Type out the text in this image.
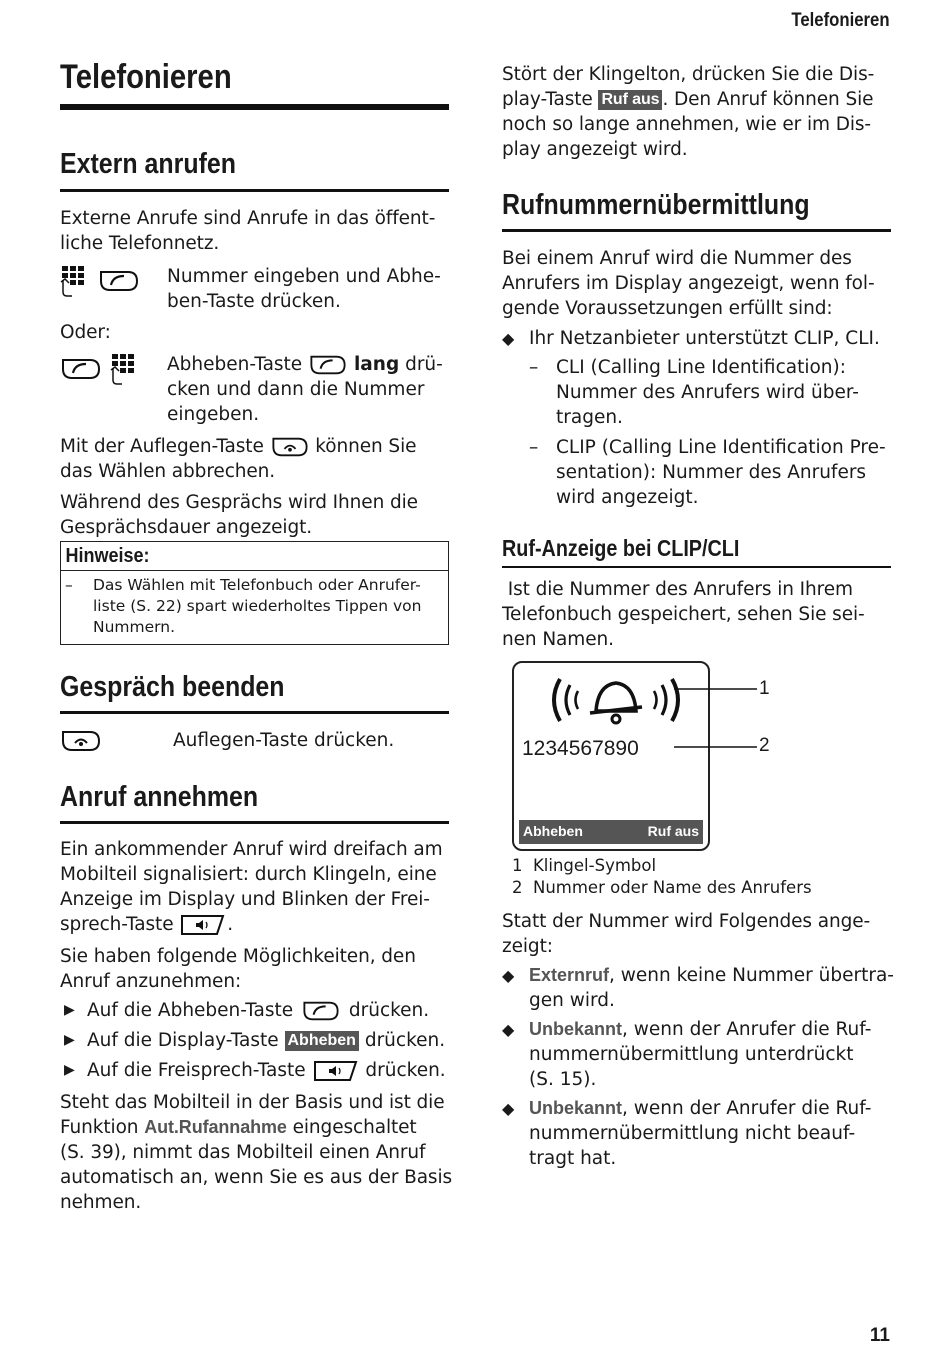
Telefonieren
11
Telefonieren
Extern anrufen
Externe Anrufe sind Anrufe in das öffent-
liche Telefonnetz.

Nummer eingeben und Abhe-
ben-Taste drücken.
Oder:

Abheben-Taste  lang drü-
cken und dann die Nummer
eingeben.
Mit der Auflegen-Taste  können Sie
das Wählen abbrechen.
Während des Gesprächs wird Ihnen die
Gesprächsdauer angezeigt.
Hinweise:
–	Das Wählen mit Telefonbuch oder Anrufer-
liste (S. 22) spart wiederholtes Tippen von
Nummern.
Gespräch beenden
Auflegen-Taste drücken.
Anruf annehmen
Ein ankommender Anruf wird dreifach am
Mobilteil signalisiert: durch Klingeln, eine
Anzeige im Display und Blinken der Frei-
sprech-Taste	.
Sie haben folgende Möglichkeiten, den
Anruf anzunehmen:
▶ Auf die Abheben-Taste  drücken.
▶ Auf die Display-Taste Abheben drücken.
▶ Auf die Freisprech-Taste	drücken.
Steht das Mobilteil in der Basis und ist die
Funktion Aut.Rufannahme eingeschaltet
(S. 39), nimmt das Mobilteil einen Anruf
automatisch an, wenn Sie es aus der Basis
nehmen.
Stört der Klingelton, drücken Sie die Dis-
play-Taste Ruf aus . Den Anruf können Sie
noch so lange annehmen, wie er im Dis-
play angezeigt wird.
Rufnummernübermittlung
Bei einem Anruf wird die Nummer des
Anrufers im Display angezeigt, wenn fol-
gende Voraussetzungen erfüllt sind:
◆ Ihr Netzanbieter unterstützt CLIP, CLI.
– CLI (Calling Line Identification):
Nummer des Anrufers wird über-
tragen.
– CLIP (Calling Line Identification Pre-
sentation): Nummer des Anrufers
wird angezeigt.
Ruf-Anzeige bei CLIP/CLI
Ist die Nummer des Anrufers in Ihrem
Telefonbuch gespeichert, sehen Sie sei-
nen Namen.
1234567890
Abheben	Ruf aus
1
2
1  Klingel-Symbol
2  Nummer oder Name des Anrufers
Statt der Nummer wird Folgendes ange-
zeigt:
◆ Externruf, wenn keine Nummer übertra-
gen wird.
◆ Unbekannt, wenn der Anrufer die Ruf-
nummernübermittlung unterdrückt
(S. 15).
◆ Unbekannt, wenn der Anrufer die Ruf-
nummernübermittlung nicht beauf-
tragt hat.
